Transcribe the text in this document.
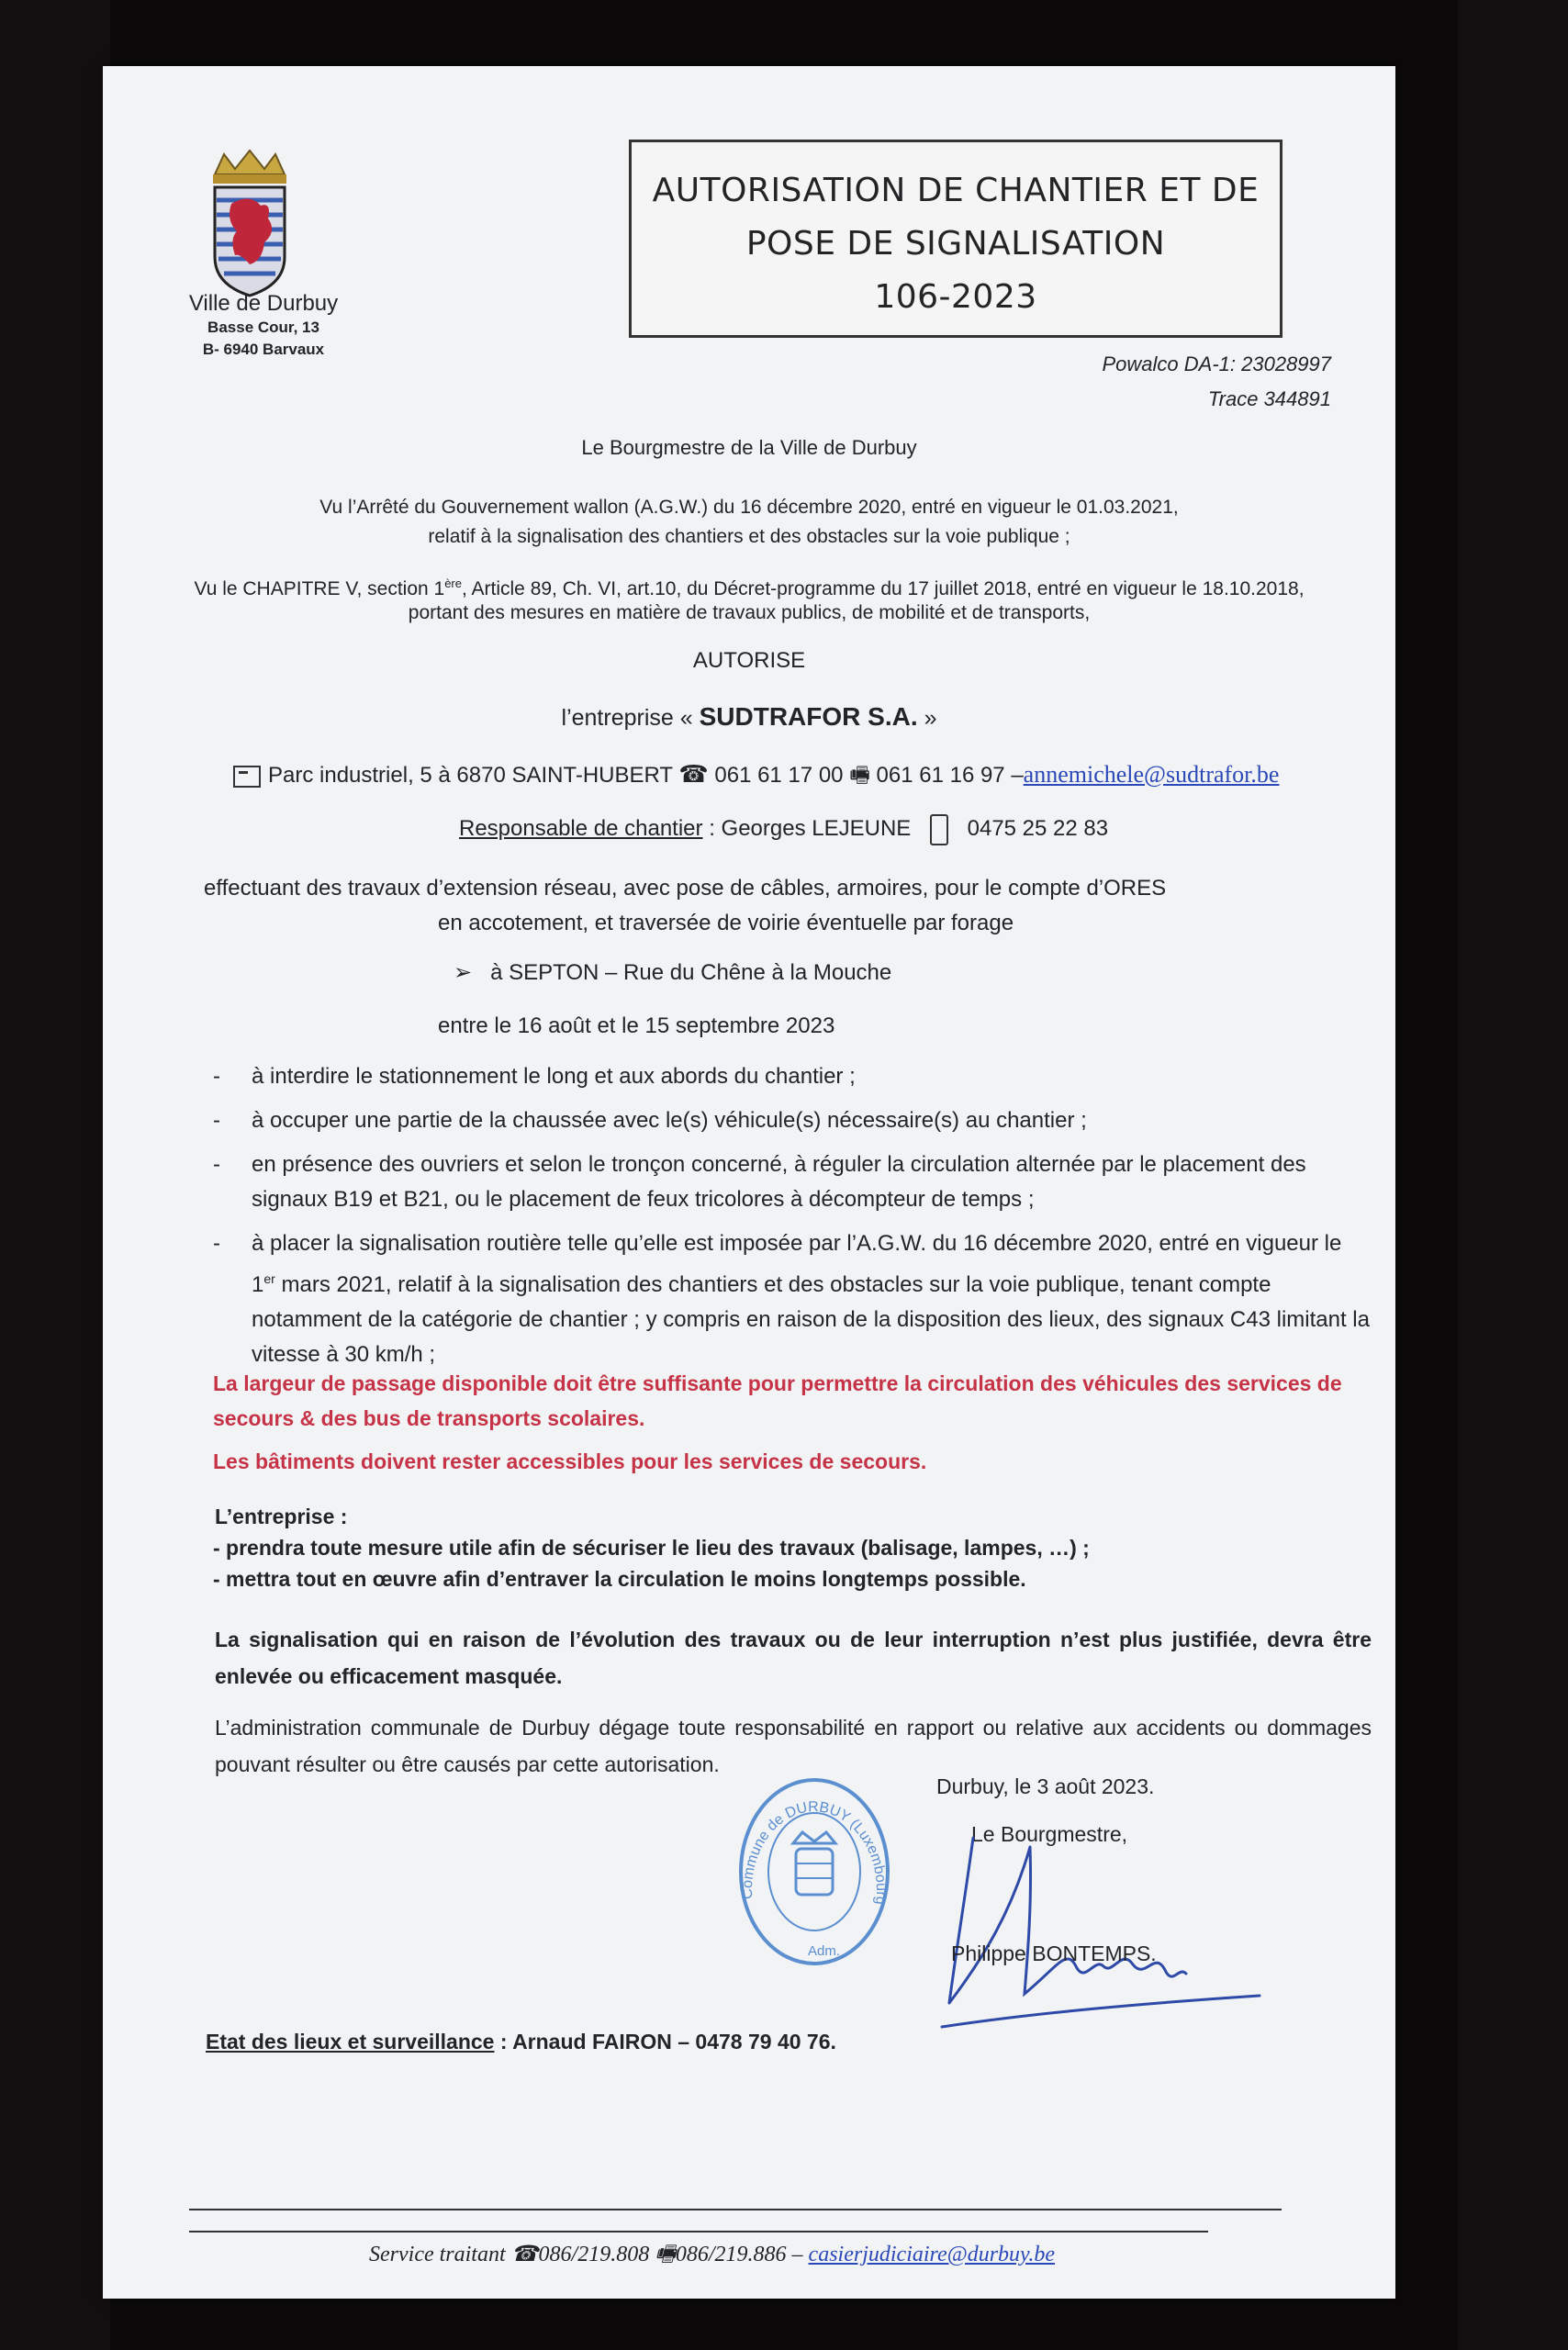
Ville de Durbuy
Basse Cour, 13
B- 6940 Barvaux
AUTORISATION DE CHANTIER ET DE
POSE DE SIGNALISATION
106-2023
Powalco DA-1: 23028997
Trace 344891
Le Bourgmestre de la Ville de Durbuy
Vu l’Arrêté du Gouvernement wallon (A.G.W.) du 16 décembre 2020, entré en vigueur le 01.03.2021,
relatif à la signalisation des chantiers et des obstacles sur la voie publique ;
Vu le CHAPITRE V, section 1ère, Article 89, Ch. VI, art.10, du Décret-programme du 17 juillet 2018, entré en vigueur le 18.10.2018,
portant des mesures en matière de travaux publics, de mobilité et de transports,
AUTORISE
l’entreprise « SUDTRAFOR S.A. »
Parc industriel, 5 à 6870 SAINT-HUBERT ☎ 061 61 17 00 🖷 061 61 16 97 –annemichele@sudtrafor.be
Responsable de chantier : Georges LEJEUNE	0475 25 22 83
effectuant des travaux d’extension réseau, avec pose de câbles, armoires, pour le compte d’ORES
en accotement, et traversée de voirie éventuelle par forage
➢ à SEPTON – Rue du Chêne à la Mouche
entre le 16 août et le 15 septembre 2023
- à interdire le stationnement le long et aux abords du chantier ;
- à occuper une partie de la chaussée avec le(s) véhicule(s) nécessaire(s) au chantier ;
- en présence des ouvriers et selon le tronçon concerné, à réguler la circulation alternée par le placement des signaux B19 et B21, ou le placement de feux tricolores à décompteur de temps ;
- à placer la signalisation routière telle qu’elle est imposée par l’A.G.W. du 16 décembre 2020, entré en vigueur le 1er mars 2021, relatif à la signalisation des chantiers et des obstacles sur la voie publique, tenant compte notamment de la catégorie de chantier ; y compris en raison de la disposition des lieux, des signaux C43 limitant la vitesse à 30 km/h ;
La largeur de passage disponible doit être suffisante pour permettre la circulation des véhicules des services de secours & des bus de transports scolaires.
Les bâtiments doivent rester accessibles pour les services de secours.
L’entreprise :
- prendra toute mesure utile afin de sécuriser le lieu des travaux (balisage, lampes, …) ;
- mettra tout en œuvre afin d’entraver la circulation le moins longtemps possible.
La signalisation qui en raison de l’évolution des travaux ou de leur interruption n’est plus justifiée, devra être enlevée ou efficacement masquée.
L’administration communale de Durbuy dégage toute responsabilité en rapport ou relative aux accidents ou dommages pouvant résulter ou être causés par cette autorisation.
Durbuy, le 3 août 2023.
Le Bourgmestre,
Commune de DURBUY (Luxembourg)
Adm.	Philippe BONTEMPS.
Etat des lieux et surveillance : Arnaud FAIRON – 0478 79 40 76.
Service traitant ☎086/219.808 🖷086/219.886 – casierjudiciaire@durbuy.be
